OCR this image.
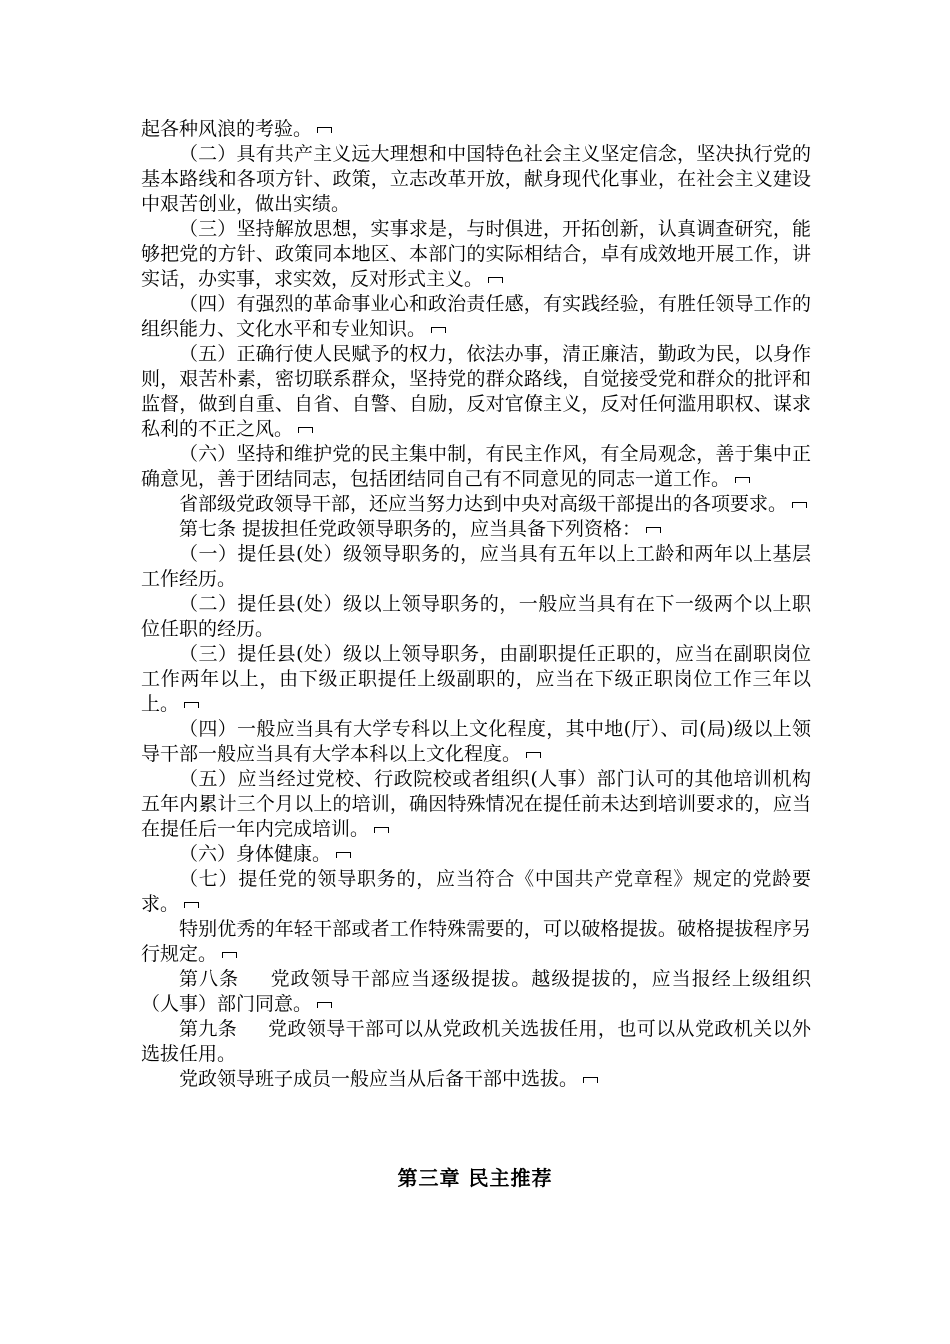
起各种风浪的考验。

（二）具有共产主义远大理想和中国特色社会主义坚定信念，坚决执行党的基本路线和各项方针、政策，立志改革开放，献身现代化事业，在社会主义建设中艰苦创业，做出实绩。

（三）坚持解放思想，实事求是，与时俱进，开拓创新，认真调查研究，能够把党的方针、政策同本地区、本部门的实际相结合，卓有成效地开展工作，讲实话，办实事，求实效，反对形式主义。

（四）有强烈的革命事业心和政治责任感，有实践经验，有胜任领导工作的组织能力、文化水平和专业知识。

（五）正确行使人民赋予的权力，依法办事，清正廉洁，勤政为民，以身作则，艰苦朴素，密切联系群众，坚持党的群众路线，自觉接受党和群众的批评和监督，做到自重、自省、自警、自励，反对官僚主义，反对任何滥用职权、谋求私利的不正之风。

（六）坚持和维护党的民主集中制，有民主作风，有全局观念，善于集中正确意见，善于团结同志，包括团结同自己有不同意见的同志一道工作。

省部级党政领导干部，还应当努力达到中央对高级干部提出的各项要求。

第七条 提拔担任党政领导职务的，应当具备下列资格：

（一）提任县(处）级领导职务的，应当具有五年以上工龄和两年以上基层工作经历。

（二）提任县(处）级以上领导职务的，一般应当具有在下一级两个以上职位任职的经历。

（三）提任县(处）级以上领导职务，由副职提任正职的，应当在副职岗位工作两年以上，由下级正职提任上级副职的，应当在下级正职岗位工作三年以上。

（四）一般应当具有大学专科以上文化程度，其中地(厅）、司(局)级以上领导干部一般应当具有大学本科以上文化程度。

（五）应当经过党校、行政院校或者组织(人事）部门认可的其他培训机构五年内累计三个月以上的培训，确因特殊情况在提任前未达到培训要求的，应当在提任后一年内完成培训。

（六）身体健康。

（七）提任党的领导职务的，应当符合《中国共产党章程》规定的党龄要求。

特别优秀的年轻干部或者工作特殊需要的，可以破格提拔。破格提拔程序另行规定。

第八条 党政领导干部应当逐级提拔。越级提拔的，应当报经上级组织（人事）部门同意。

第九条 党政领导干部可以从党政机关选拔任用，也可以从党政机关以外选拔任用。

党政领导班子成员一般应当从后备干部中选拔。

第三章 民主推荐
